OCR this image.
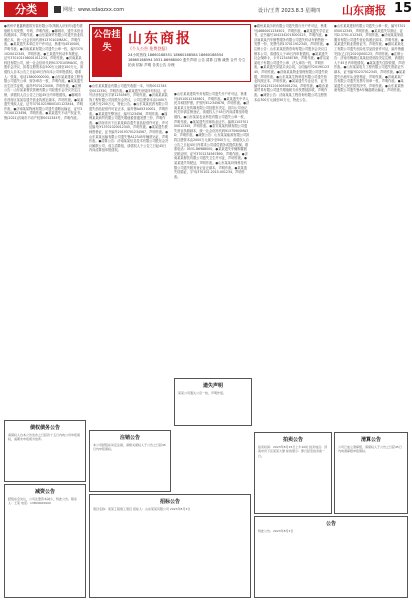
分类	网址：www.sdaozxx.com	设计/王菁 2023.8.3 星期四 山东商报 15
●贵州华夏鑫利建筑安装有限公司(纳税人识别号)遗失增值税专用发票，号码，声明作废。●聊城市，遗失本营业执照副本，声明作废。●山东某商贸有限公司遗失营业执照正本，统一社会信用代码91370102MA3C，声明作废。●某某遗失本单位开户许可证，核准号J4510000，声明作废。●济南某某有限公司遗失公章一枚，编号3701020012345，声明作废。●王某遗失机动车驾驶证，证号370102198001011234，声明作废。●济南某某科技有限公司，统一社会信用代码91370105MA3C，经股东会决议，拟将注册资本由500万元减至100万元，请债权人自本公告之日起45日内向本公司申报债权。联系人：张某，电话13800000000。●山东某某建设工程有限公司遗失公章、财务章各一枚，声明作废。●某某遗失出生医学证明，编号P370123456，声明作废。●注销公告：山东某某餐饮管理有限公司经股东会决议决定注销，请债权人自公告之日起45日内申报债权。●聊城市东昌府区某某店遗失营业执照正副本，声明作废。●某某遗失残疾人证，证号37010219800101123X44，声明作废。●济南某某物流有限公司遗失道路运输证，证号370100123456，声明作废。●某某遗失不动产权证书，鲁(2021)济南市不动产权第0012345号，声明作废。
公告挂失
山东商报
《个人公告 免费登报》
24小时热线 18660168551 18660168584 18660168554 18660168594 0531-86988000 遗失声明 公告 清算 注销 减资 合并 分立 拍卖 招标 声明 各类公告 办理
●山东某某置业有限公司遗失收据一本，号码0012345至0012350，声明作废。●某某遗失房屋所有权证，证号济房权证历字第123456号，声明作废。●济南某某装饰工程有限公司经股东会决议，公司注册资本由1000万元减少至200万元，特此公告。●山东某某医药有限公司遗失药品经营许可证正本，编号鲁AA5310001，声明作废。●某某遗失警官证，编号123456，声明作废。●淄博某某商贸有限公司遗失增值税普通发票三份，声明作废。●济南市历下区某某商店遗失食品经营许可证，许可证编号JY13701020012345，声明作废。●某某遗失教师资格证，证书编号20193701234567，声明作废。●山东某某运输有限公司遗失鲁A12345车辆营运证，声明作废。●清算公告：济南某某信息技术有限公司股东会决议解散公司，成立清算组，请债权人于公告之日起45日内向清算组申报债权。
●山东某某建筑劳务有限公司遗失开户许可证，核准号J4510012345601，声明作废。●某某遗失中华人民共和国护照，护照号E12345678，声明作废。●济南某某文化传媒有限公司经股东决定，拟向公司登记机关申请注销登记，请债权人于45日内向清算组申报债权。●山东某某农业科技有限公司遗失公章一枚，声明作废。●某某遗失医师执业证书，编码110370100012345，声明作废。●泰安某某机械有限公司遗失营业执照副本，统一社会信用代码91370900MA3D，声明作废。●减资公告：山东某某能源有限公司拟将注册资本由2000万元减少至500万元，请债权人自公告之日起45日内要求公司清偿债务或提供担保。联系电话：0531-86988000。●某某遗失车辆购置税完税证明，证号3701234567890，声明作废。●济南某某餐饮有限公司遗失卫生许可证，声明作废。●某某遗失驾驶证，声明作废。●山东某某环保科技有限公司遗失税务登记证正副本，声明作废。●某某遗失结婚证，字号J370102-2015-001234，声明作废。
●德州某某纺织有限公司遗失银行开户许可证，核准号J4680001234501，声明作废。●某某遗失学位证书，证书编号1042342013000123，声明作废。●济南某某汽车销售服务有限公司遗失机动车销售统一发票一份，发票代码137011912345，声明作废。●注销公告：山东某某投资咨询有限公司股东会决议注销本公司，请债权人于45日内申报债权。●某某遗失社会保障卡，卡号123456789，声明作废。●青岛某某电子有限公司遗失公章、法人章各一枚，声明作废。●某某遗失房屋买卖合同，合同编号Y2019012345，声明作废。●济南某某物业管理有限公司遗失收据，声明作废。●山东某某生物科技有限公司遗失营业执照正本，声明作废。●某某遗失毕业证书，证书编号104231201905001234，声明作废。●临沂某某贸易有限公司遗失增值税专用发票抵扣联，声明作废。●减资公告：济南某某工程咨询有限公司注册资本由300万元减至50万元，特此公告。
●山东某某建材有限公司遗失公章一枚，编号3701050012345，声明作废。●某某遗失导游证，证号D-3701-012345，声明作废。●济南某某家政服务有限公司遗失营业执照正副本，声明作废。●某某遗失职业资格证书，声明作废。●潍坊某某化工有限公司遗失危险化学品经营许可证，编号鲁潍安经(乙)字[2020]000123，声明作废。●注销公告：济南市槐荫区某某经营部经决定注销，请债权人于45日内申报债权。●某某遗失住院收据，声明作废。●山东某某电力工程有限公司遗失资质证书副本，证书编号D237012345，声明作废。●某某遗失出租车从业资格证，声明作废。●济南某某广告有限公司遗失发票专用章一枚，声明作废。●某某遗失人民法院判决书，声明作废。●山东某某物流有限公司遗失鲁A车辆道路运输证，声明作废。
债权债务公告
请债权人自本公告发布之日起四十五日内向公司申报债权，逾期未申报视为放弃。
减资公告
经股东会决议，公司注册资本减少，特此公告。联系人：王某 电话：13800000000
注销公告
本公司经股东决定注销，请相关债权人于公告之日起45日内申报债权。
招标公告
项目名称：某某工程施工项目 招标人：山东某某有限公司 2023年8月3日
遗失声明
某某公司遗失公章一枚，声明作废。
拍卖公告
拍卖时间：2023年8月15日上午10时 拍卖地点：济南市历下区某某大厦 标的展示：即日起至拍卖前一日。
清算公告
公司已成立清算组，请债权人于公告之日起45日内向清算组申报债权。
公告
特此公告。2023年8月3日
